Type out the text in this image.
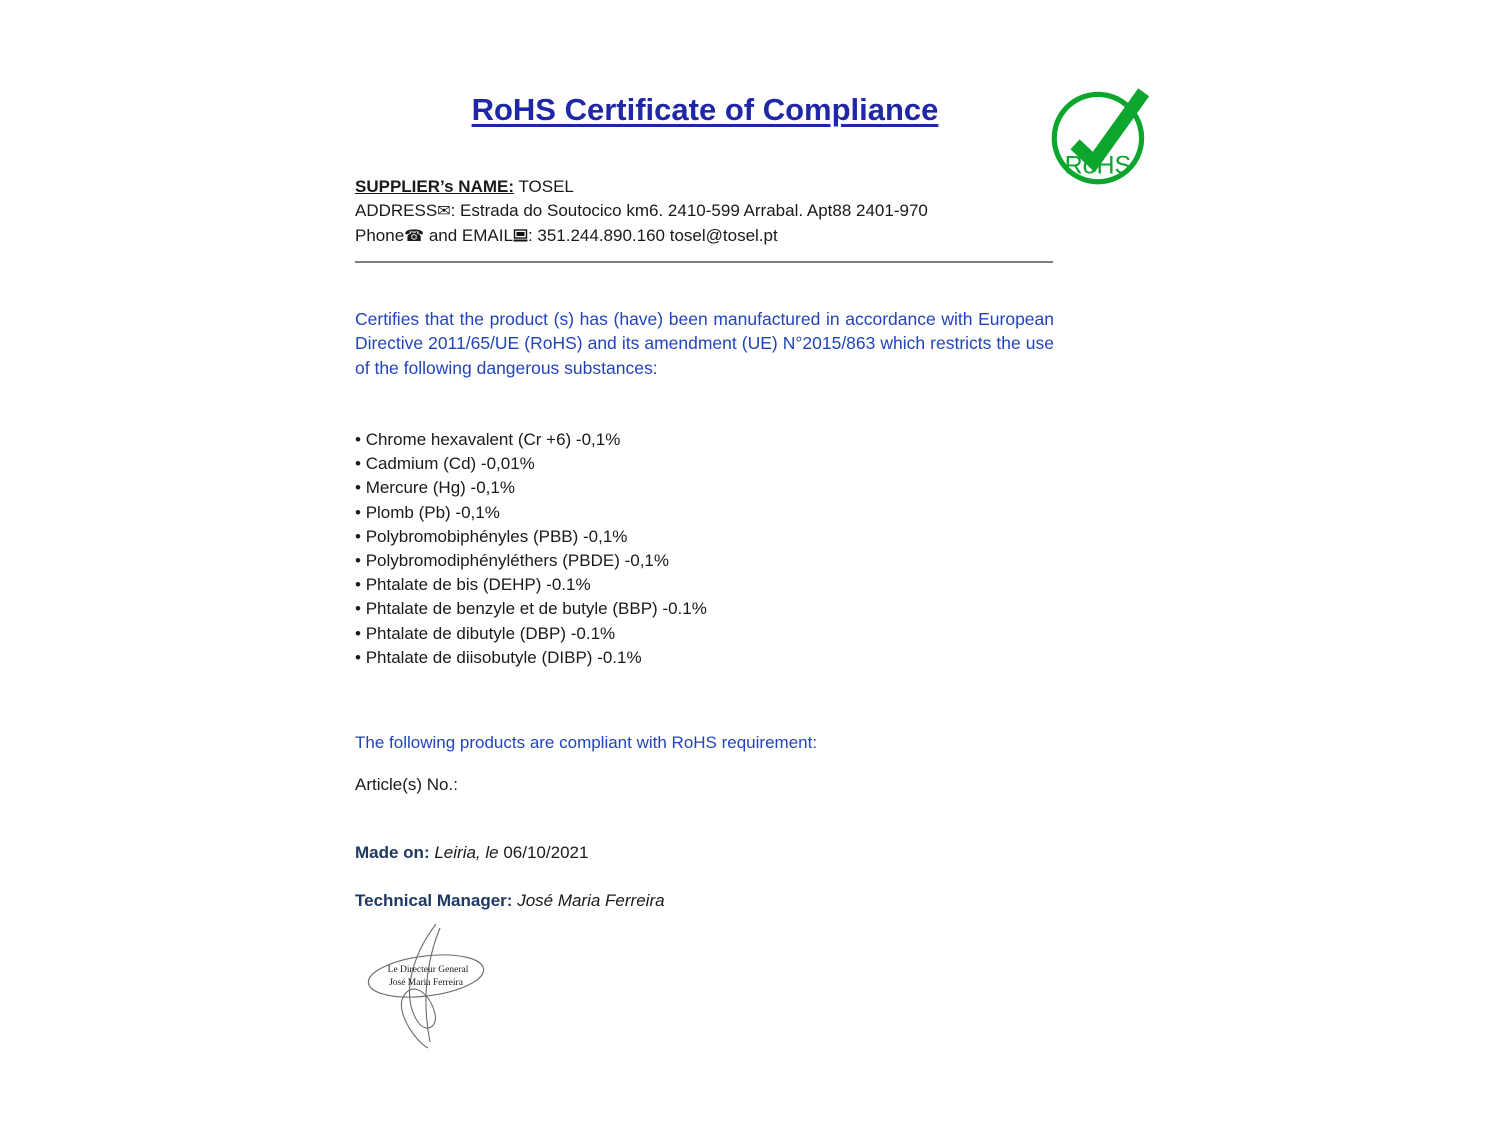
RoHS Certificate of Compliance
RoHS
SUPPLIER’s NAME: TOSEL
ADDRESS✉: Estrada do Soutocico km6. 2410-599 Arrabal. Apt88 2401-970
Phone☎ and EMAIL : 351.244.890.160 tosel@tosel.pt

Certifies that the product (s) has (have) been manufactured in accordance with European Directive 2011/65/UE (RoHS) and its amendment (UE) N°2015/863 which restricts the use of the following dangerous substances:

• Chrome hexavalent (Cr +6) -0,1%
• Cadmium (Cd) -0,01%
• Mercure (Hg) -0,1%
• Plomb (Pb) -0,1%
• Polybromobiphényles (PBB) -0,1%
• Polybromodiphényléthers (PBDE) -0,1%
• Phtalate de bis (DEHP) -0.1%
• Phtalate de benzyle et de butyle (BBP) -0.1%
• Phtalate de dibutyle (DBP) -0.1%
• Phtalate de diisobutyle (DIBP) -0.1%

The following products are compliant with RoHS requirement:

Article(s) No.:

Made on: Leiria, le 06/10/2021

Technical Manager: José Maria Ferreira

Le Directeur General
José Maria Ferreira
